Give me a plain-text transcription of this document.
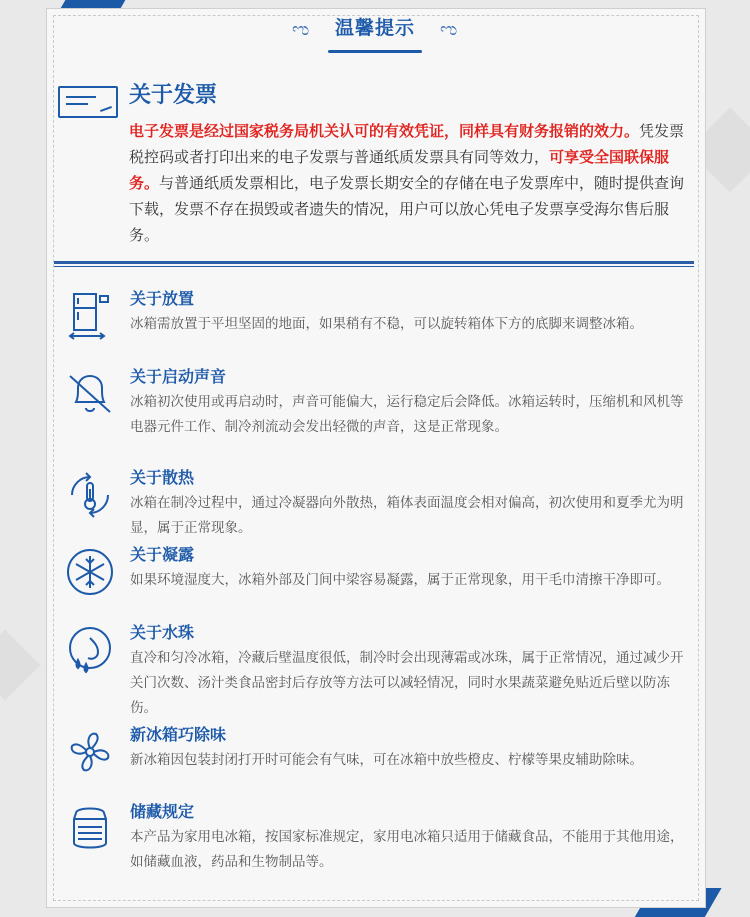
ಌ	温馨提示	ಌ
关于发票
电子发票是经过国家税务局机关认可的有效凭证，同样具有财务报销的效力。凭发票税控码或者打印出来的电子发票与普通纸质发票具有同等效力，可享受全国联保服务。与普通纸质发票相比，电子发票长期安全的存储在电子发票库中，随时提供查询下载，发票不存在损毁或者遗失的情况，用户可以放心凭电子发票享受海尔售后服务。
关于放置
冰箱需放置于平坦坚固的地面，如果稍有不稳，可以旋转箱体下方的底脚来调整冰箱。
关于启动声音
冰箱初次使用或再启动时，声音可能偏大，运行稳定后会降低。冰箱运转时，压缩机和风机等电器元件工作、制冷剂流动会发出轻微的声音，这是正常现象。
关于散热
冰箱在制冷过程中，通过冷凝器向外散热，箱体表面温度会相对偏高，初次使用和夏季尤为明显，属于正常现象。
关于凝露
如果环境湿度大，冰箱外部及门间中梁容易凝露，属于正常现象，用干毛巾清擦干净即可。
关于水珠
直冷和匀冷冰箱，冷藏后壁温度很低，制冷时会出现薄霜或冰珠，属于正常情况，通过减少开关门次数、汤汁类食品密封后存放等方法可以减轻情况，同时水果蔬菜避免贴近后壁以防冻伤。
新冰箱巧除味
新冰箱因包装封闭打开时可能会有气味，可在冰箱中放些橙皮、柠檬等果皮辅助除味。
储藏规定
本产品为家用电冰箱，按国家标准规定，家用电冰箱只适用于储藏食品，不能用于其他用途，如储藏血液，药品和生物制品等。
